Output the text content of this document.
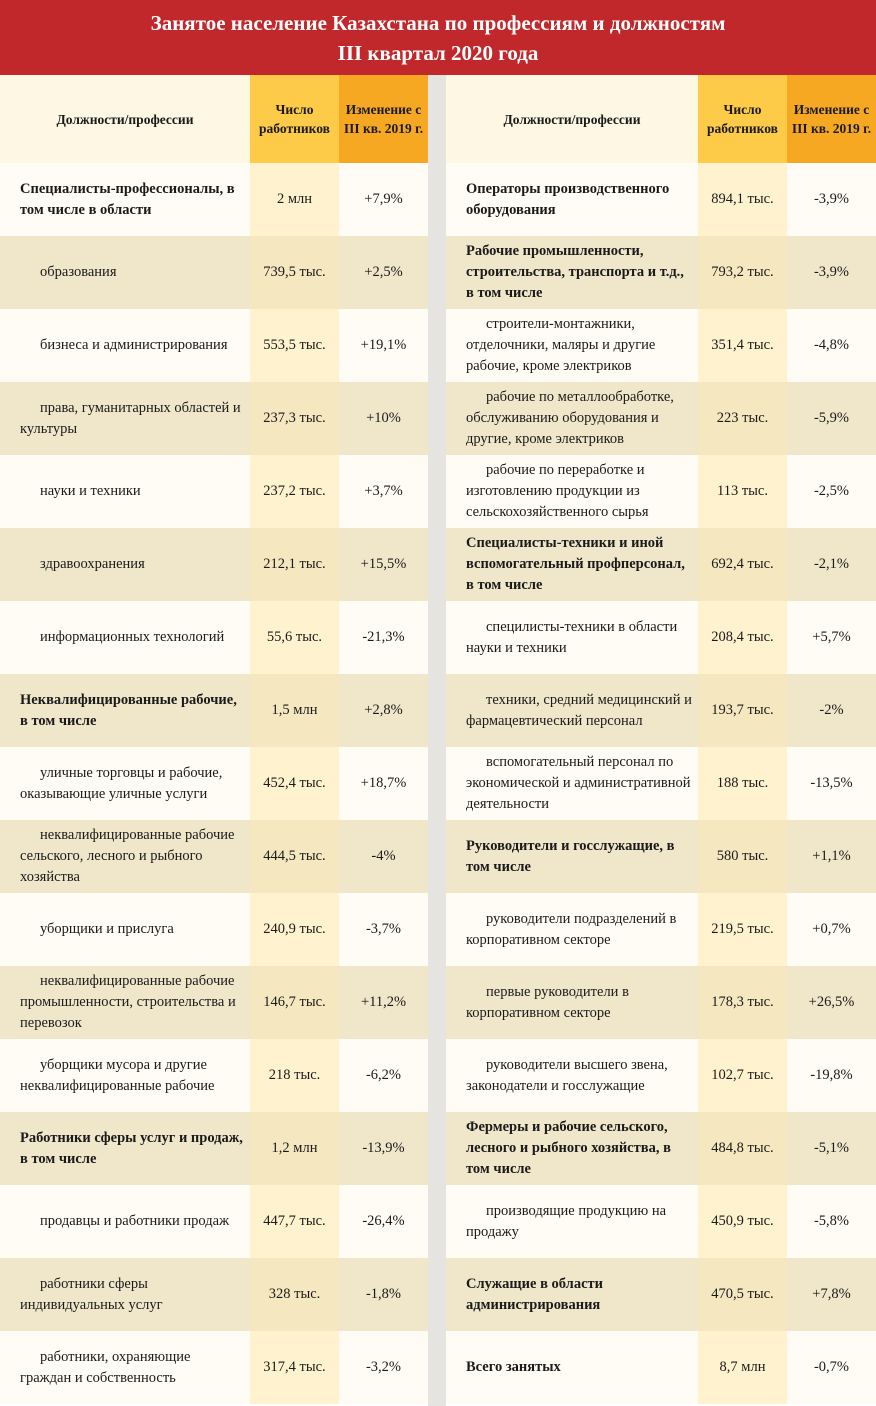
Занятое население Казахстана по профессиям и должностям
III квартал 2020 года
Должности/профессии
Число работников
Изменение с III кв. 2019 г.
Специалисты-профессионалы, в том числе в области
2 млн	+7,9%
образования	739,5 тыс.	+2,5%
бизнеса и администрирования 553,5 тыс. +19,1%
права, гуманитарных областей и культуры
237,3 тыс.	+10%
науки и техники	237,2 тыс.	+3,7%
здравоохранения	212,1 тыс. +15,5%
информационных технологий	55,6 тыс.	-21,3%
Неквалифицированные рабочие, в том числе
1,5 млн	+2,8%
уличные торговцы и рабочие, оказывающие уличные услуги
452,4 тыс. +18,7%
неквалифицированные рабочие сельского, лесного и рыбного хозяйства
444,5 тыс.	-4%
уборщики и прислуга	240,9 тыс.	-3,7%
неквалифицированные рабочие промышленности, строительства и перевозок
146,7 тыс. +11,2%
уборщики мусора и другие неквалифицированные рабочие
218 тыс.	-6,2%
Работники сферы услуг и продаж, в том числе
1,2 млн	-13,9%
продавцы и работники продаж 447,7 тыс.	-26,4%
работники сферы индивидуальных услуг
328 тыс.	-1,8%
работники, охраняющие граждан и собственность
317,4 тыс.	-3,2%
Должности/профессии
Число работников
Изменение с III кв. 2019 г.
Операторы производственного оборудования
894,1 тыс.	-3,9%
Рабочие промышленности, строительства, транспорта и т.д., в том числе
793,2 тыс.	-3,9%
строители-монтажники, отделочники, маляры и другие рабочие, кроме электриков
351,4 тыс.	-4,8%
рабочие по металлообработке, обслуживанию оборудования и другие, кроме электриков
223 тыс.	-5,9%
рабочие по переработке и изготовлению продукции из сельскохозяйственного сырья
113 тыс.	-2,5%
Специалисты-техники и иной вспомогательный профперсонал, в том числе
692,4 тыс.	-2,1%
специлисты-техники в области науки и техники
208,4 тыс.	+5,7%
техники, средний медицинский и фармацевтический персонал
193,7 тыс.	-2%
вспомогательный персонал по экономической и административной деятельности
188 тыс.	-13,5%
Руководители и госслужащие, в том числе
580 тыс.	+1,1%
руководители подразделений в корпоративном секторе
219,5 тыс.	+0,7%
первые руководители в корпоративном секторе
178,3 тыс. +26,5%
руководители высшего звена, законодатели и госслужащие
102,7 тыс.	-19,8%
Фермеры и рабочие сельского, лесного и рыбного хозяйства, в том числе
484,8 тыс.	-5,1%
производящие продукцию на продажу
450,9 тыс.	-5,8%
Служащие в области администрирования
470,5 тыс.	+7,8%
Всего занятых	8,7 млн	-0,7%
